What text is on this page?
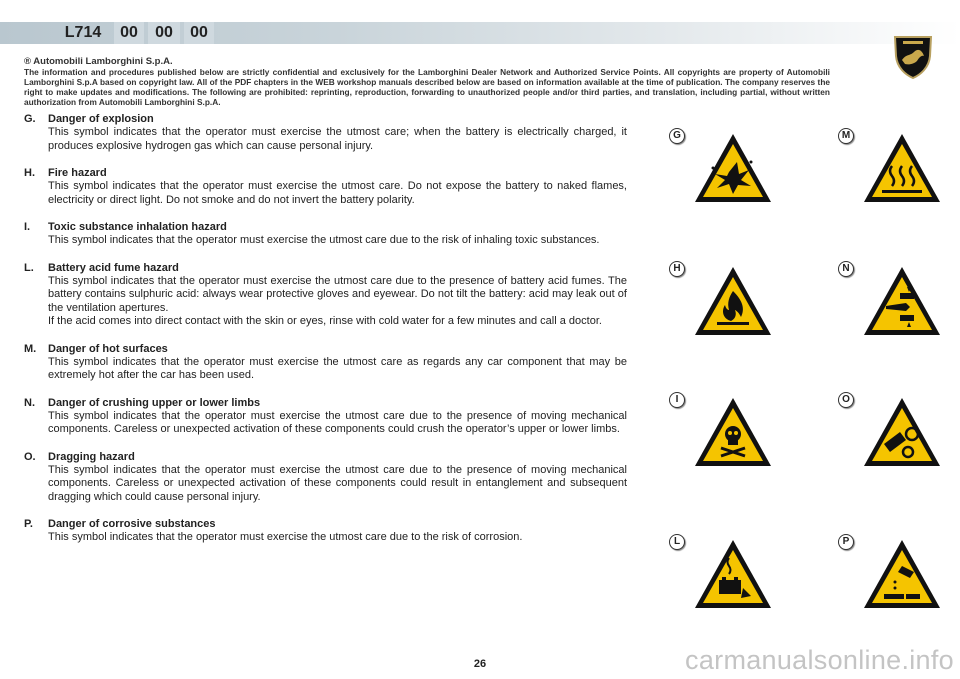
L714	00	00	00
® Automobili Lamborghini S.p.A.
The information and procedures published below are strictly confidential and exclusively for the Lamborghini Dealer Network and Authorized Service Points. All copyrights are property of Automobili Lamborghini S.p.A based on copyright law. All of the PDF chapters in the WEB workshop manuals described below are based on information available at the time of publication. The company reserves the right to make updates and modifications. The following are prohibited: reprinting, reproduction, forwarding to unauthorized people and/or third parties, and translation, including partial, without written authorization from Automobili Lamborghini S.p.A.
G. Danger of explosion
This symbol indicates that the operator must exercise the utmost care; when the battery is electrically charged, it produces explosive hydrogen gas which can cause personal injury.
H. Fire hazard
This symbol indicates that the operator must exercise the utmost care. Do not expose the battery to naked flames, electricity or direct light. Do not smoke and do not invert the battery polarity.
I. Toxic substance inhalation hazard
This symbol indicates that the operator must exercise the utmost care due to the risk of inhaling toxic substances.
L. Battery acid fume hazard
This symbol indicates that the operator must exercise the utmost care due to the presence of battery acid fumes. The battery contains sulphuric acid: always wear protective gloves and eyewear. Do not tilt the battery: acid may leak out of the ventilation apertures.
If the acid comes into direct contact with the skin or eyes, rinse with cold water for a few minutes and call a doctor.
M. Danger of hot surfaces
This symbol indicates that the operator must exercise the utmost care as regards any car component that may be extremely hot after the car has been used.
N. Danger of crushing upper or lower limbs
This symbol indicates that the operator must exercise the utmost care due to the presence of moving mechanical components. Careless or unexpected activation of these components could crush the operator’s upper or lower limbs.
O. Dragging hazard
This symbol indicates that the operator must exercise the utmost care due to the presence of moving mechanical components. Careless or unexpected activation of these components could result in entanglement and subsequent dragging which could cause personal injury.
P. Danger of corrosive substances
This symbol indicates that the operator must exercise the utmost care due to the risk of corrosion.
G	M
H	N
I	O
L	P
26	carmanualsonline.info
